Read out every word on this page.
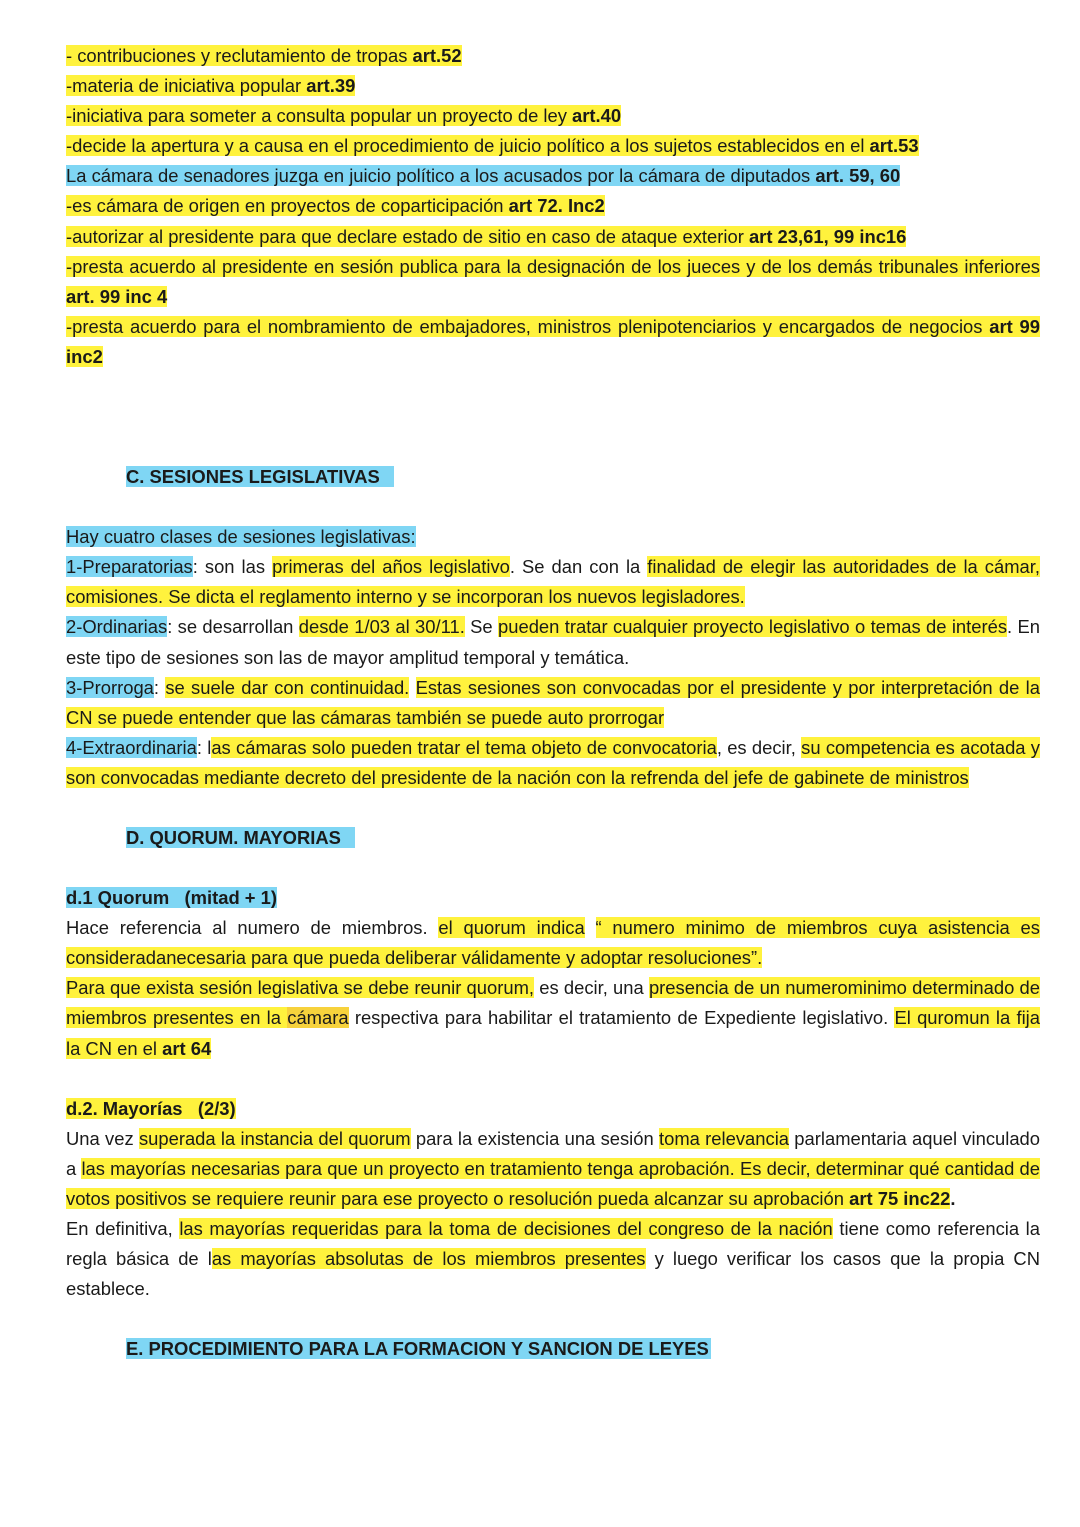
- contribuciones y reclutamiento de tropas art.52
-materia de iniciativa popular art.39
-iniciativa para someter a consulta popular un proyecto de ley art.40
-decide la apertura y a causa en el procedimiento de juicio político a los sujetos establecidos en el art.53
La cámara de senadores juzga en juicio político a los acusados por la cámara de diputados art. 59, 60
-es cámara de origen en proyectos de coparticipación art 72. Inc2
-autorizar al presidente para que declare estado de sitio en caso de ataque exterior art 23,61, 99 inc16
-presta acuerdo al presidente en sesión publica para la designación de los jueces y de los demás tribunales inferiores art. 99 inc 4
-presta acuerdo para el nombramiento de embajadores, ministros plenipotenciarios y encargados de negocios art 99 inc2
C. SESIONES LEGISLATIVAS
Hay cuatro clases de sesiones legislativas:
1-Preparatorias: son las primeras del años legislativo. Se dan con la finalidad de elegir las autoridades de la cámar, comisiones. Se dicta el reglamento interno y se incorporan los nuevos legisladores.
2-Ordinarias: se desarrollan desde 1/03 al 30/11. Se pueden tratar cualquier proyecto legislativo o temas de interés. En este tipo de sesiones son las de mayor amplitud temporal y temática.
3-Prorroga: se suele dar con continuidad. Estas sesiones son convocadas por el presidente y por interpretación de la CN se puede entender que las cámaras también se puede auto prorrogar
4-Extraordinaria: las cámaras solo pueden tratar el tema objeto de convocatoria, es decir, su competencia es acotada y son convocadas mediante decreto del presidente de la nación con la refrenda del jefe de gabinete de ministros
D. QUORUM. MAYORIAS
d.1 Quorum   (mitad + 1)
Hace referencia al numero de miembros. el quorum indica “ numero minimo de miembros cuya asistencia es consideradanecesaria para que pueda deliberar válidamente y adoptar resoluciones”.
Para que exista sesión legislativa se debe reunir quorum, es decir, una presencia de un numerominimo determinado de miembros presentes en la cámara respectiva para habilitar el tratamiento de Expediente legislativo. El quromun la fija la CN en el art 64
d.2. Mayorías   (2/3)
Una vez superada la instancia del quorum para la existencia una sesión toma relevancia parlamentaria aquel vinculado a las mayorías necesarias para que un proyecto en tratamiento tenga aprobación. Es decir, determinar qué cantidad de votos positivos se requiere reunir para ese proyecto o resolución pueda alcanzar su aprobación art 75 inc22.
En definitiva, las mayorías requeridas para la toma de decisiones del congreso de la nación tiene como referencia la regla básica de las mayorías absolutas de los miembros presentes y luego verificar los casos que la propia CN establece.
E. PROCEDIMIENTO PARA LA FORMACION Y SANCION DE LEYES
